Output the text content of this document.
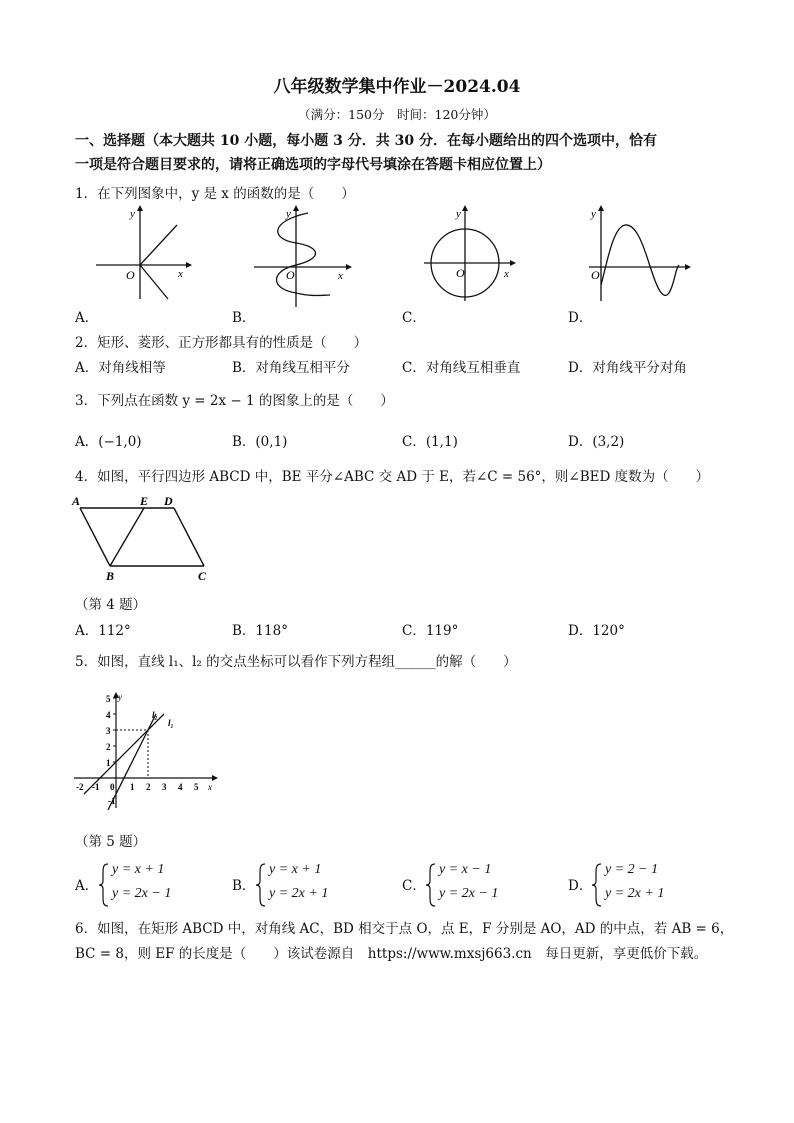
八年级数学集中作业－2024.04
（满分：150分　时间：120分钟）
一、选择题（本大题共 10 小题，每小题 3 分．共 30 分．在每小题给出的四个选项中，恰有
一项是符合题目要求的，请将正确选项的字母代号填涂在答题卡相应位置上）
1．在下列图象中，y 是 x 的函数的是（　　）
O
y
x	O
y
x	O
y
x	O
y
A．	B．	C．	D．
2．矩形、菱形、正方形都具有的性质是（　　）
A．对角线相等	B．对角线互相平分	C．对角线互相垂直	D．对角线平分对角
3．下列点在函数 y = 2x − 1 的图象上的是（　　）
A．(−1,0)	B．(0,1)	C．(1,1)	D．(3,2)
4．如图，平行四边形 ABCD 中，BE 平分∠ABC 交 AD 于 E，若∠C = 56°，则∠BED 度数为（　　）
A	E D
B	C
（第 4 题）
A．112°	B．118°	C．119°	D．120°
5．如图，直线 l₁、l₂ 的交点坐标可以看作下列方程组______的解（　　）
5
4
3
2
1
-1
-2 -1 0 1 2 3 4 5 x
y
l₂
l₁
（第 5 题）
A．
y = x + 1
y = 2x − 1	B．
y = x + 1
y = 2x + 1	C．
y = x − 1
y = 2x − 1	D．
y = 2 − 1
y = 2x + 1
6．如图，在矩形 ABCD 中，对角线 AC，BD 相交于点 O，点 E，F 分别是 AO，AD 的中点，若 AB = 6，
BC = 8，则 EF 的长度是（　　）该试卷源自　https://www.mxsj663.cn　每日更新，享更低价下载。
